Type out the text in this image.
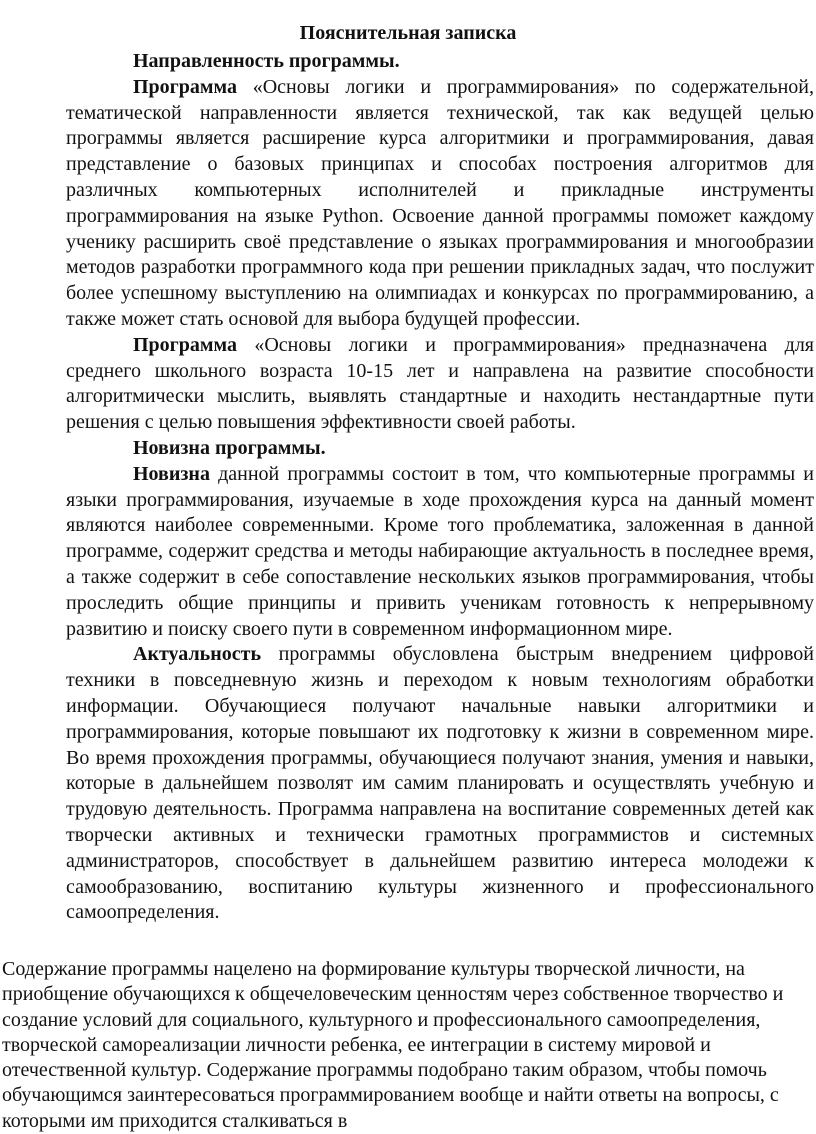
Пояснительная записка

Направленность программы.

Программа «Основы логики и программирования» по содержательной, тематической направленности является технической, так как ведущей целью программы является расширение курса алгоритмики и программирования, давая представление о базовых принципах и способах построения алгоритмов для различных компьютерных исполнителей и прикладные инструменты программирования на языке Python. Освоение данной программы поможет каждому ученику расширить своё представление о языках программирования и многообразии методов разработки программного кода при решении прикладных задач, что послужит более успешному выступлению на олимпиадах и конкурсах по программированию, а также может стать основой для выбора будущей профессии.

Программа «Основы логики и программирования» предназначена для среднего школьного возраста 10-15 лет и направлена на развитие способности алгоритмически мыслить, выявлять стандартные и находить нестандартные пути решения с целью повышения эффективности своей работы.

Новизна программы.

Новизна данной программы состоит в том, что компьютерные программы и языки программирования, изучаемые в ходе прохождения курса на данный момент являются наиболее современными. Кроме того проблематика, заложенная в данной программе, содержит средства и методы набирающие актуальность в последнее время, а также содержит в себе сопоставление нескольких языков программирования, чтобы проследить общие принципы и привить ученикам готовность к непрерывному развитию и поиску своего пути в современном информационном мире.

Актуальность программы обусловлена быстрым внедрением цифровой техники в повседневную жизнь и переходом к новым технологиям обработки информации. Обучающиеся получают начальные навыки алгоритмики и программирования, которые повышают их подготовку к жизни в современном мире. Во время прохождения программы, обучающиеся получают знания, умения и навыки, которые в дальнейшем позволят им самим планировать и осуществлять учебную и трудовую деятельность. Программа направлена на воспитание современных детей как творчески активных и технически грамотных программистов и системных администраторов, способствует в дальнейшем развитию интереса молодежи к самообразованию, воспитанию культуры жизненного и профессионального самоопределения.

Содержание программы нацелено на формирование культуры творческой личности, на приобщение обучающихся к общечеловеческим ценностям через собственное творчество и создание условий для социального, культурного и профессионального самоопределения, творческой самореализации личности ребенка, ее интеграции в систему мировой и отечественной культур. Содержание программы подобрано таким образом, чтобы помочь обучающимся заинтересоваться программированием вообще и найти ответы на вопросы, с которыми им приходится сталкиваться в
